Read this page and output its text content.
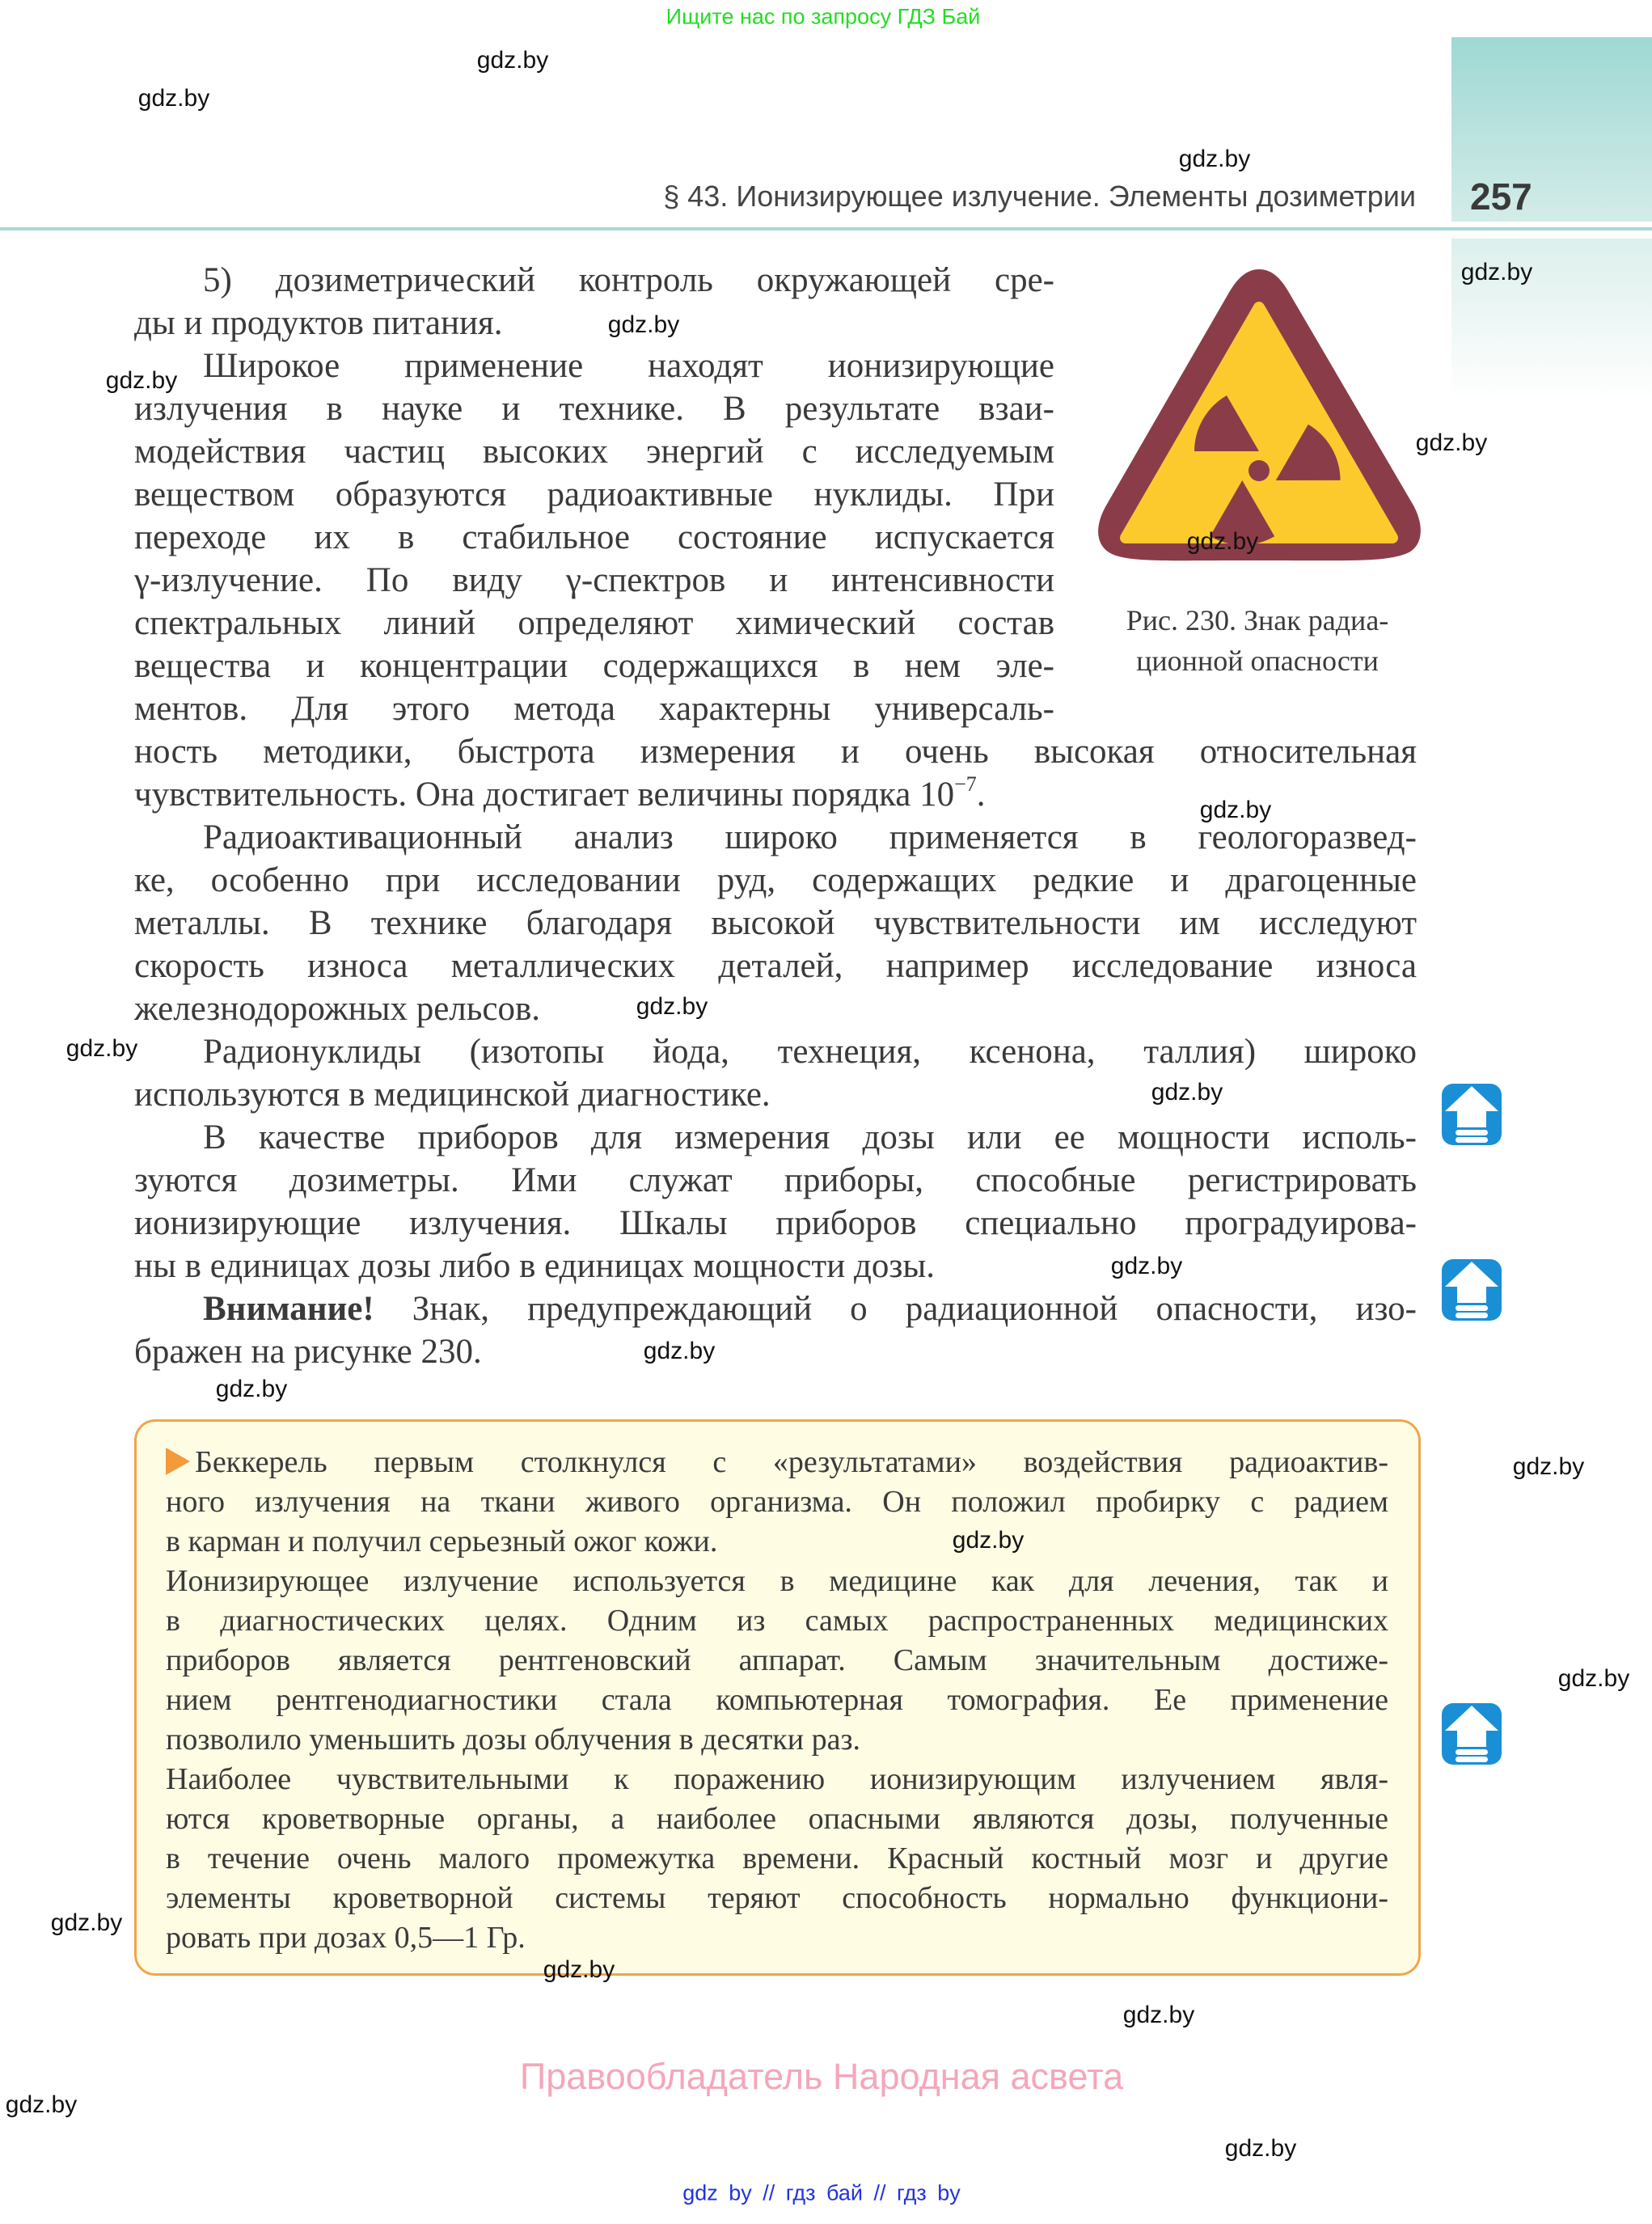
Ищите нас по запросу ГДЗ Бай
§ 43. Ионизирующее излучение. Элементы дозиметрии 257
5) дозиметрический контроль окружающей сре-
ды и продуктов питания.
Широкое применение находят ионизирующие
излучения в науке и технике. В результате взаи-
модействия частиц высоких энергий с исследуемым
веществом образуются радиоактивные нуклиды. При
переходе их в стабильное состояние испускается
γ-излучение. По виду γ-спектров и интенсивности
спектральных линий определяют химический состав
вещества и концентрации содержащихся в нем эле-
ментов. Для этого метода характерны универсаль-
ность методики, быстрота измерения и очень высокая относительная
чувствительность. Она достигает величины порядка $10^{-7}$.
Радиоактивационный анализ широко применяется в геологоразвед-
ке, особенно при исследовании руд, содержащих редкие и драгоценные
металлы. В технике благодаря высокой чувствительности им исследуют
скорость износа металлических деталей, например исследование износа
железнодорожных рельсов.
Радионуклиды (изотопы йода, технеция, ксенона, таллия) широко
используются в медицинской диагностике.
В качестве приборов для измерения дозы или ее мощности исполь-
зуются дозиметры. Ими служат приборы, способные регистрировать
ионизирующие излучения. Шкалы приборов специально проградуирова-
ны в единицах дозы либо в единицах мощности дозы.
Внимание! Знак, предупреждающий о радиационной опасности, изо-
бражен на рисунке 230.
Рис. 230. Знак радиа-
ционной опасности
Беккерель первым столкнулся с «результатами» воздействия радиоактив-
ного излучения на ткани живого организма. Он положил пробирку с радием
в карман и получил серьезный ожог кожи.
Ионизирующее излучение используется в медицине как для лечения, так и
в диагностических целях. Одним из самых распространенных медицинских
приборов является рентгеновский аппарат. Самым значительным достиже-
нием рентгенодиагностики стала компьютерная томография. Ее применение
позволило уменьшить дозы облучения в десятки раз.
Наиболее чувствительными к поражению ионизирующим излучением явля-
ются кроветворные органы, а наиболее опасными являются дозы, полученные
в течение очень малого промежутка времени. Красный костный мозг и другие
элементы кроветворной системы теряют способность нормально функциони-
ровать при дозах 0,5—1 Гр.
gdz.by
gdz.by
gdz.by
gdz.by
gdz.by
gdz.by
gdz.by
gdz.by
gdz.by
gdz.by
gdz.by
gdz.by
gdz.by
gdz.by
gdz.by
gdz.by
gdz.by
gdz.by
gdz.by
gdz.by
gdz.by
gdz.by
gdz.by
Правообладатель Народная асвета
gdz by // гдз бай // гдз by
